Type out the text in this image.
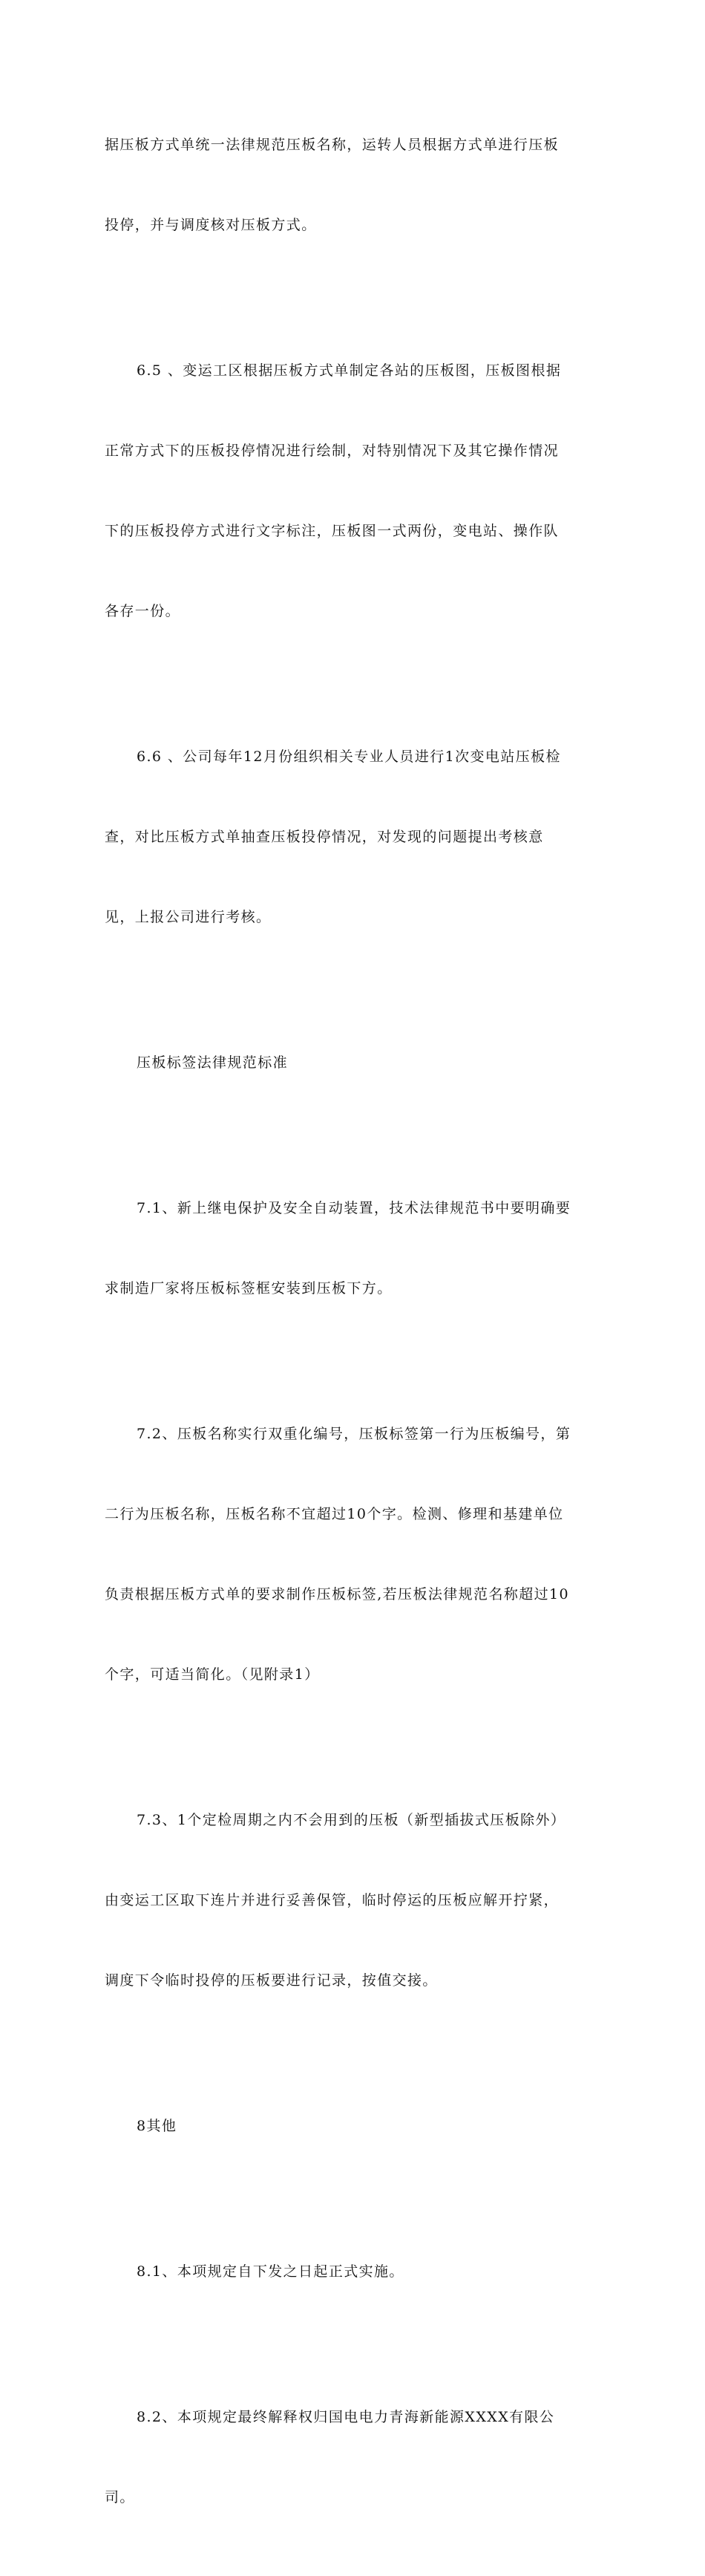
据压板方式单统一法律规范压板名称，运转人员根据方式单进行压板

投停，并与调度核对压板方式。

6.5 、变运工区根据压板方式单制定各站的压板图，压板图根据

正常方式下的压板投停情况进行绘制，对特别情况下及其它操作情况

下的压板投停方式进行文字标注，压板图一式两份，变电站、操作队

各存一份。

6.6 、公司每年12月份组织相关专业人员进行1次变电站压板检

查，对比压板方式单抽查压板投停情况，对发现的问题提出考核意

见，上报公司进行考核。

压板标签法律规范标准

7.1、新上继电保护及安全自动装置，技术法律规范书中要明确要

求制造厂家将压板标签框安装到压板下方。

7.2、压板名称实行双重化编号，压板标签第一行为压板编号，第

二行为压板名称，压板名称不宜超过10个字。检测、修理和基建单位

负责根据压板方式单的要求制作压板标签,若压板法律规范名称超过10

个字，可适当简化。（见附录1）

7.3、1个定检周期之内不会用到的压板（新型插拔式压板除外）

由变运工区取下连片并进行妥善保管，临时停运的压板应解开拧紧，

调度下令临时投停的压板要进行记录，按值交接。

8其他

8.1、本项规定自下发之日起正式实施。

8.2、本项规定最终解释权归国电电力青海新能源XXXX有限公

司。
